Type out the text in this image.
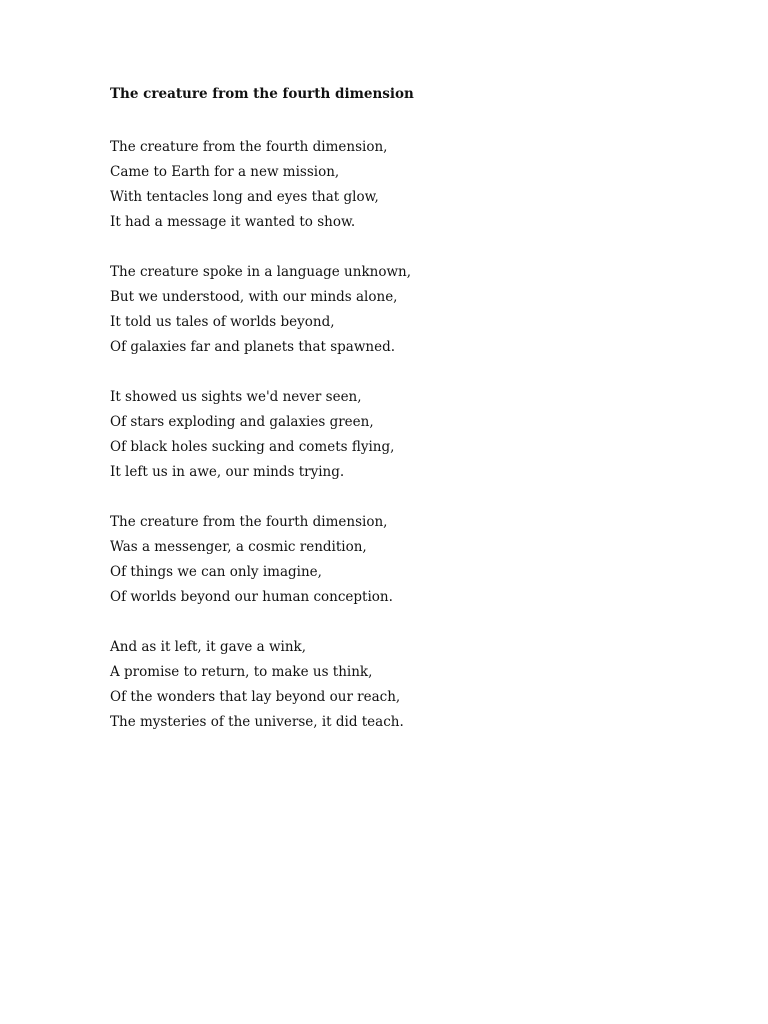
The creature from the fourth dimension
The creature from the fourth dimension,
Came to Earth for a new mission,
With tentacles long and eyes that glow,
It had a message it wanted to show.
The creature spoke in a language unknown,
But we understood, with our minds alone,
It told us tales of worlds beyond,
Of galaxies far and planets that spawned.
It showed us sights we'd never seen,
Of stars exploding and galaxies green,
Of black holes sucking and comets flying,
It left us in awe, our minds trying.
The creature from the fourth dimension,
Was a messenger, a cosmic rendition,
Of things we can only imagine,
Of worlds beyond our human conception.
And as it left, it gave a wink,
A promise to return, to make us think,
Of the wonders that lay beyond our reach,
The mysteries of the universe, it did teach.
